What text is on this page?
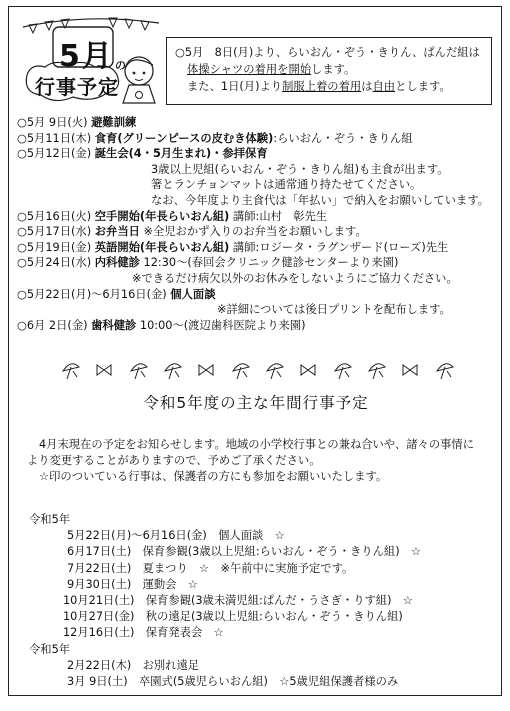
5月 の
行事予定
○5月　8日(月)より、らいおん・ぞう・きりん、ぱんだ組は
体操シャツの着用を開始します。
また、1日(月)より制服上着の着用は自由とします。
○5月 9日(火) 避難訓練
○5月11日(木) 食育(グリーンピースの皮むき体験):らいおん・ぞう・きりん組
○5月12日(金) 誕生会(4・5月生まれ)・参拝保育
3歳以上児組(らいおん・ぞう・きりん組)も主食が出ます。
箸とランチョンマットは通常通り持たせてください。
なお、今年度より主食代は「年払い」で納入をお願いしています。
○5月16日(火) 空手開始(年長らいおん組) 講師:山村　彰先生
○5月17日(水) お弁当日 ※全児おかず入りのお弁当をお願いします。
○5月19日(金) 英語開始(年長らいおん組) 講師:ロジータ・ラグンザード(ローズ)先生
○5月24日(水) 内科健診 12:30～(春回会クリニック健診センターより来園)
※できるだけ病欠以外のお休みをしないようにご協力ください。
○5月22日(月)～6月16日(金) 個人面談
※詳細については後日プリントを配布します。
○6月 2日(金) 歯科健診 10:00～(渡辺歯科医院より来園)
令和5年度の主な年間行事予定
4月末現在の予定をお知らせします。地域の小学校行事との兼ね合いや、諸々の事情に
より変更することがありますので、予めご了承ください。
☆印のついている行事は、保護者の方にも参加をお願いいたします。
令和5年
5月22日(月)～6月16日(金)　個人面談　☆
6月17日(土)　保育参観(3歳以上児組:らいおん・ぞう・きりん組)　☆
7月22日(土)　夏まつり　☆　※午前中に実施予定です。
9月30日(土)　運動会　☆
10月21日(土)　保育参観(3歳未満児組:ぱんだ・うさぎ・りす組)　☆
10月27日(金)　秋の遠足(3歳以上児組:らいおん・ぞう・きりん組)
12月16日(土)　保育発表会　☆
令和5年
2月22日(木)　お別れ遠足
3月 9日(土)　卒園式(5歳児らいおん組)　☆5歳児組保護者様のみ
